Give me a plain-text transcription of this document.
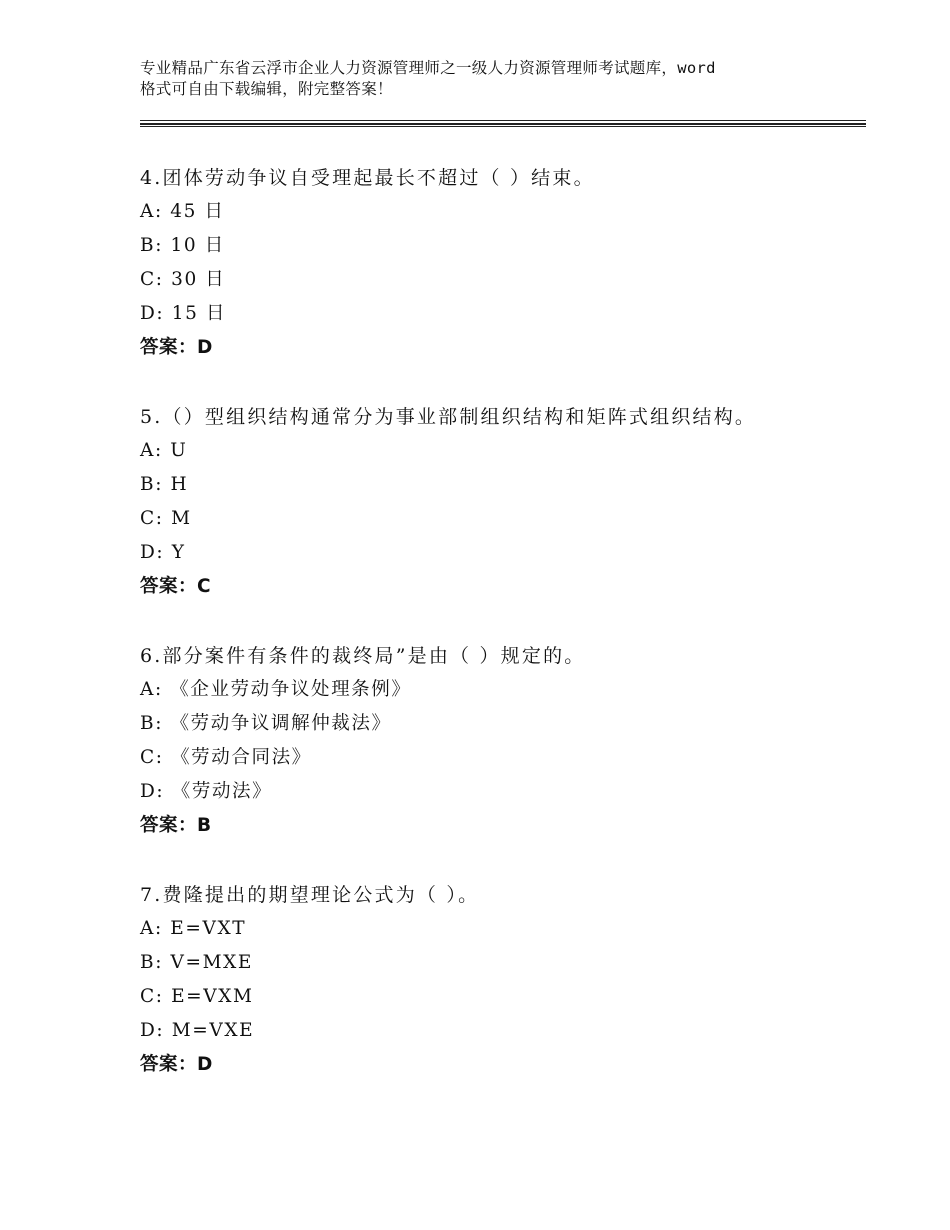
专业精品广东省云浮市企业人力资源管理师之一级人力资源管理师考试题库，word
格式可自由下载编辑，附完整答案！
4.团体劳动争议自受理起最长不超过（ ）结束。
A: 45 日
B: 10 日
C: 30 日
D: 15 日
答案：D
5.（）型组织结构通常分为事业部制组织结构和矩阵式组织结构。
A: U
B: H
C: M
D: Y
答案：C
6.部分案件有条件的裁终局”是由（ ）规定的。
A: 《企业劳动争议处理条例》
B: 《劳动争议调解仲裁法》
C: 《劳动合同法》
D: 《劳动法》
答案：B
7.费隆提出的期望理论公式为（ ）。
A: E=VXT
B: V=MXE
C: E=VXM
D: M=VXE
答案：D
